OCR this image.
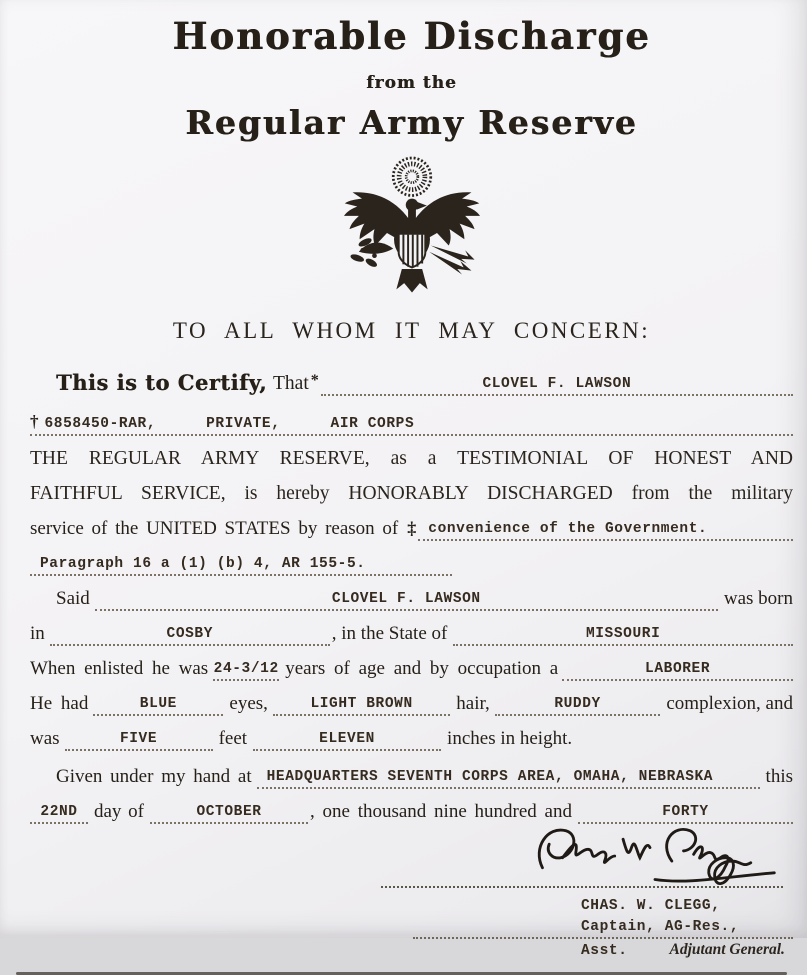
Honorable Discharge
from the
Regular Army Reserve
TO ALL WHOM IT MAY CONCERN:
This is to Certify, That *	CLOVEL F. LAWSON
† 6858450-RAR,	PRIVATE,	AIR CORPS
THE REGULAR ARMY RESERVE, as a TESTIMONIAL OF HONEST AND
FAITHFUL SERVICE, is hereby HONORABLY DISCHARGED from the military
service of the UNITED STATES by reason of ‡ convenience of the Government.
Paragraph 16 a (1) (b) 4, AR 155-5.
Said	CLOVEL F. LAWSON	was born
in	COSBY	, in the State of	MISSOURI
When enlisted he was 24-3/12 years of age and by occupation a	LABORER
He had	BLUE	eyes,	LIGHT BROWN	hair,	RUDDY	complexion, and
was	FIVE	feet	ELEVEN	inches in height.
Given under my hand at	HEADQUARTERS SEVENTH CORPS AREA, OMAHA, NEBRASKA	this
22ND day of	OCTOBER	, one thousand nine hundred and	FORTY
CHAS. W. CLEGG,
Captain, AG-Res.,
Asst.	Adjutant General.
